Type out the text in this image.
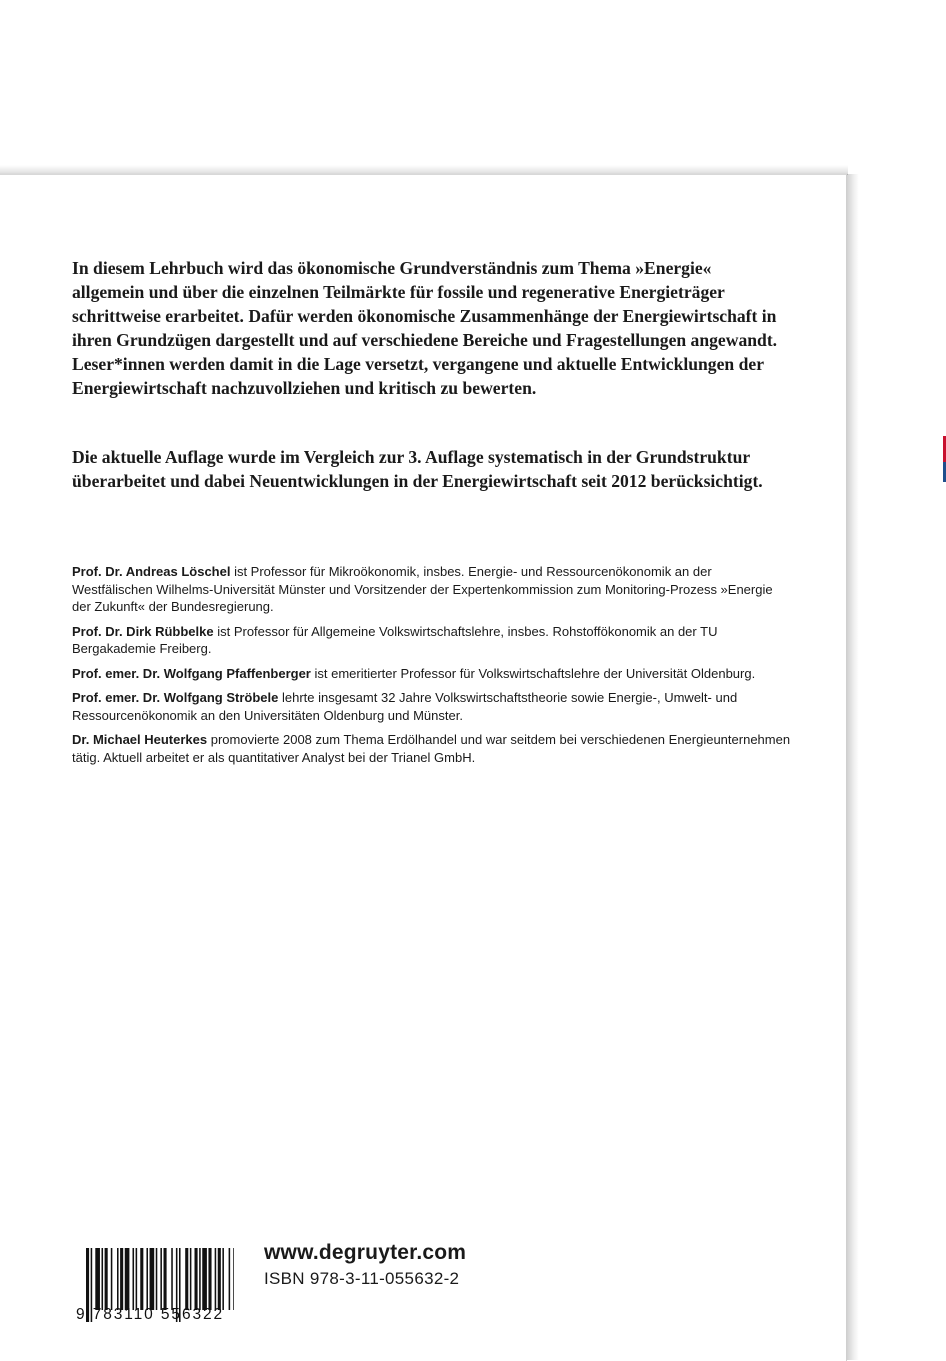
In diesem Lehrbuch wird das ökonomische Grundverständnis zum Thema »Energie« allgemein und über die einzelnen Teilmärkte für fossile und regenerative Energieträger schrittweise erarbeitet. Dafür werden ökonomische Zusammenhänge der Energiewirtschaft in ihren Grundzügen dargestellt und auf verschiedene Bereiche und Fragestellungen angewandt. Leser*innen werden damit in die Lage versetzt, vergangene und aktuelle Entwicklungen der Energiewirtschaft nachzuvollziehen und kritisch zu bewerten.

Die aktuelle Auflage wurde im Vergleich zur 3. Auflage systematisch in der Grundstruktur überarbeitet und dabei Neuentwicklungen in der Energiewirtschaft seit 2012 berücksichtigt.

Prof. Dr. Andreas Löschel ist Professor für Mikroökonomik, insbes. Energie- und Ressourcenökonomik an der Westfälischen Wilhelms-Universität Münster und Vorsitzender der Expertenkommission zum Monitoring-Prozess »Energie der Zukunft« der Bundesregierung.

Prof. Dr. Dirk Rübbelke ist Professor für Allgemeine Volkswirtschaftslehre, insbes. Rohstoffökonomik an der TU Bergakademie Freiberg.

Prof. emer. Dr. Wolfgang Pfaffenberger ist emeritierter Professor für Volkswirtschaftslehre der Universität Oldenburg.

Prof. emer. Dr. Wolfgang Ströbele lehrte insgesamt 32 Jahre Volkswirtschaftstheorie sowie Energie-, Umwelt- und Ressourcenökonomik an den Universitäten Oldenburg und Münster.

Dr. Michael Heuterkes promovierte 2008 zum Thema Erdölhandel und war seitdem bei verschiedenen Energieunternehmen tätig. Aktuell arbeitet er als quantitativer Analyst bei der Trianel GmbH.

9 783110 556322
www.degruyter.com
ISBN 978-3-11-055632-2
